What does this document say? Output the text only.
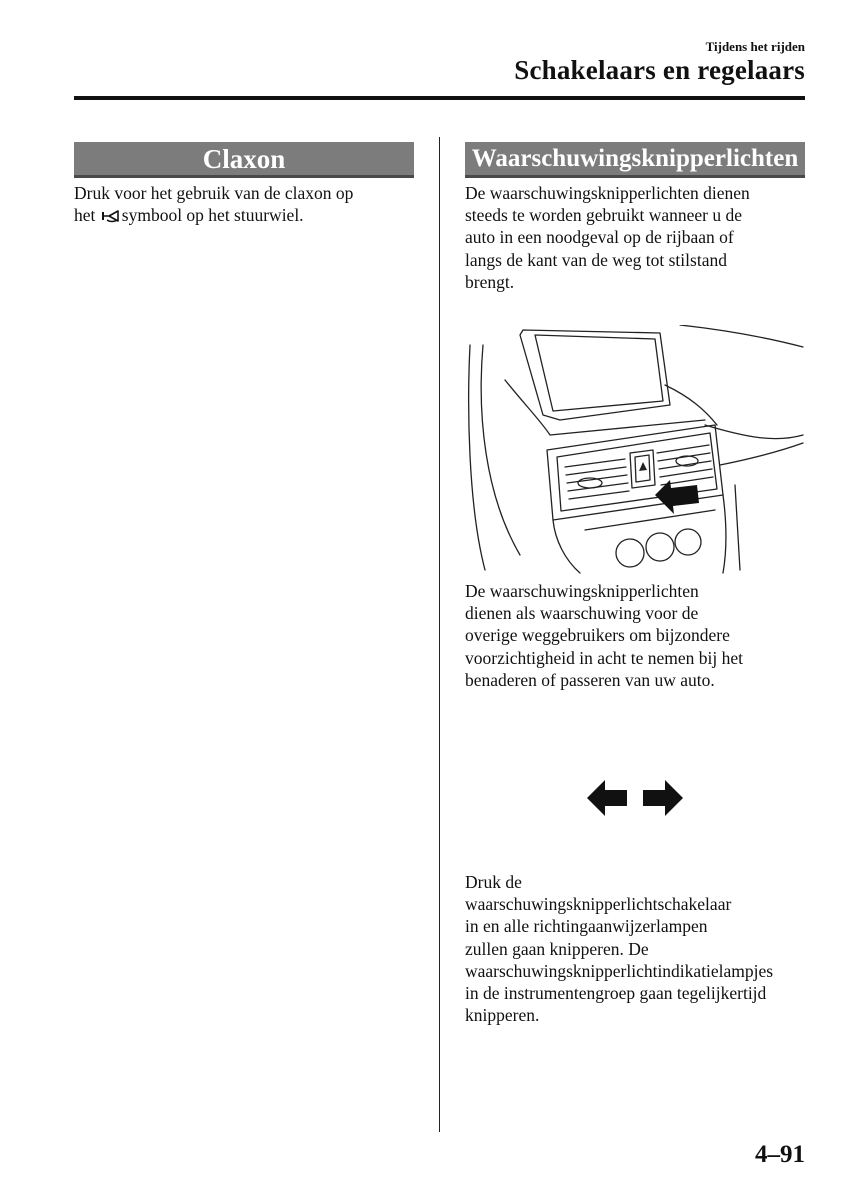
Tijdens het rijden
Schakelaars en regelaars
Claxon

Druk voor het gebruik van de claxon op
het symbool op het stuurwiel.

Waarschuwingsknipperlichten

De waarschuwingsknipperlichten dienen
steeds te worden gebruikt wanneer u de
auto in een noodgeval op de rijbaan of
langs de kant van de weg tot stilstand
brengt.

De waarschuwingsknipperlichten
dienen als waarschuwing voor de
overige weggebruikers om bijzondere
voorzichtigheid in acht te nemen bij het
benaderen of passeren van uw auto.

Druk de
waarschuwingsknipperlichtschakelaar
in en alle richtingaanwijzerlampen
zullen gaan knipperen. De
waarschuwingsknipperlichtindikatielampjes
in de instrumentengroep gaan tegelijkertijd
knipperen.

4–91
